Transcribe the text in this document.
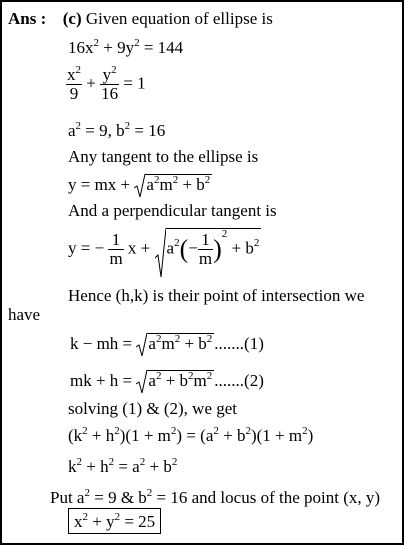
Ans : (c) Given equation of ellipse is
$16x^2 + 9y^2 = 144$
$\frac{x^2}{9} + \frac{y^2}{16} = 1$
$a^2 = 9$, $b^2 = 16$
Any tangent to the ellipse is
y = mx + $a^2m^2 + b^2$
And a perpendicular tangent is
y = − $\frac{1}{m}$ $x + a^2(- \frac{1}{m} )^2 + b^2$
Hence (h,k) is their point of intersection we
have
k − mh = $a^2m^2 + b^2$ .......(1)
mk + $h = a^2 + b^2m^2$ .......(2)
solving (1) & (2), we get
$(k^2 + h^2)(1 + m^2) = (a^2 + b^2)(1 + m^2)$
$k^2 + h^2 = a^2 + b^2$
Put $a^2 = 9$ & $b^2 = 16$ and locus of the point (x, y)
$x^2 + y^2 = 25$
